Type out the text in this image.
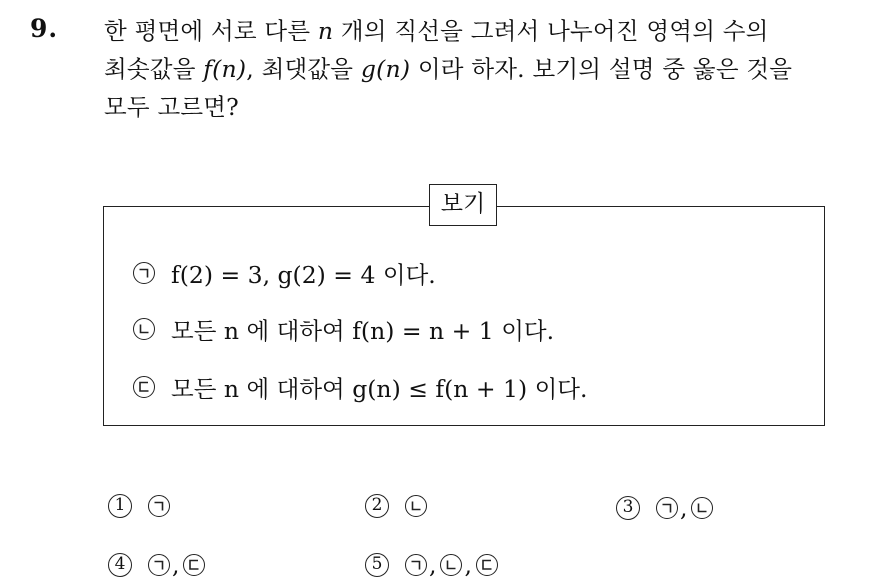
9. 한 평면에 서로 다른 n 개의 직선을 그려서 나누어진 영역의 수의
최솟값을 f(n), 최댓값을 g(n) 이라 하자. 보기의 설명 중 옳은 것을
모두 고르면?
보기
f(2) = 3, g(2) = 4 이다.
모든 n 에 대하여 f(n) = n + 1 이다.
모든 n 에 대하여 g(n) ≤ f(n + 1) 이다.
1	2	3 ,
4 ,	5 , ,
